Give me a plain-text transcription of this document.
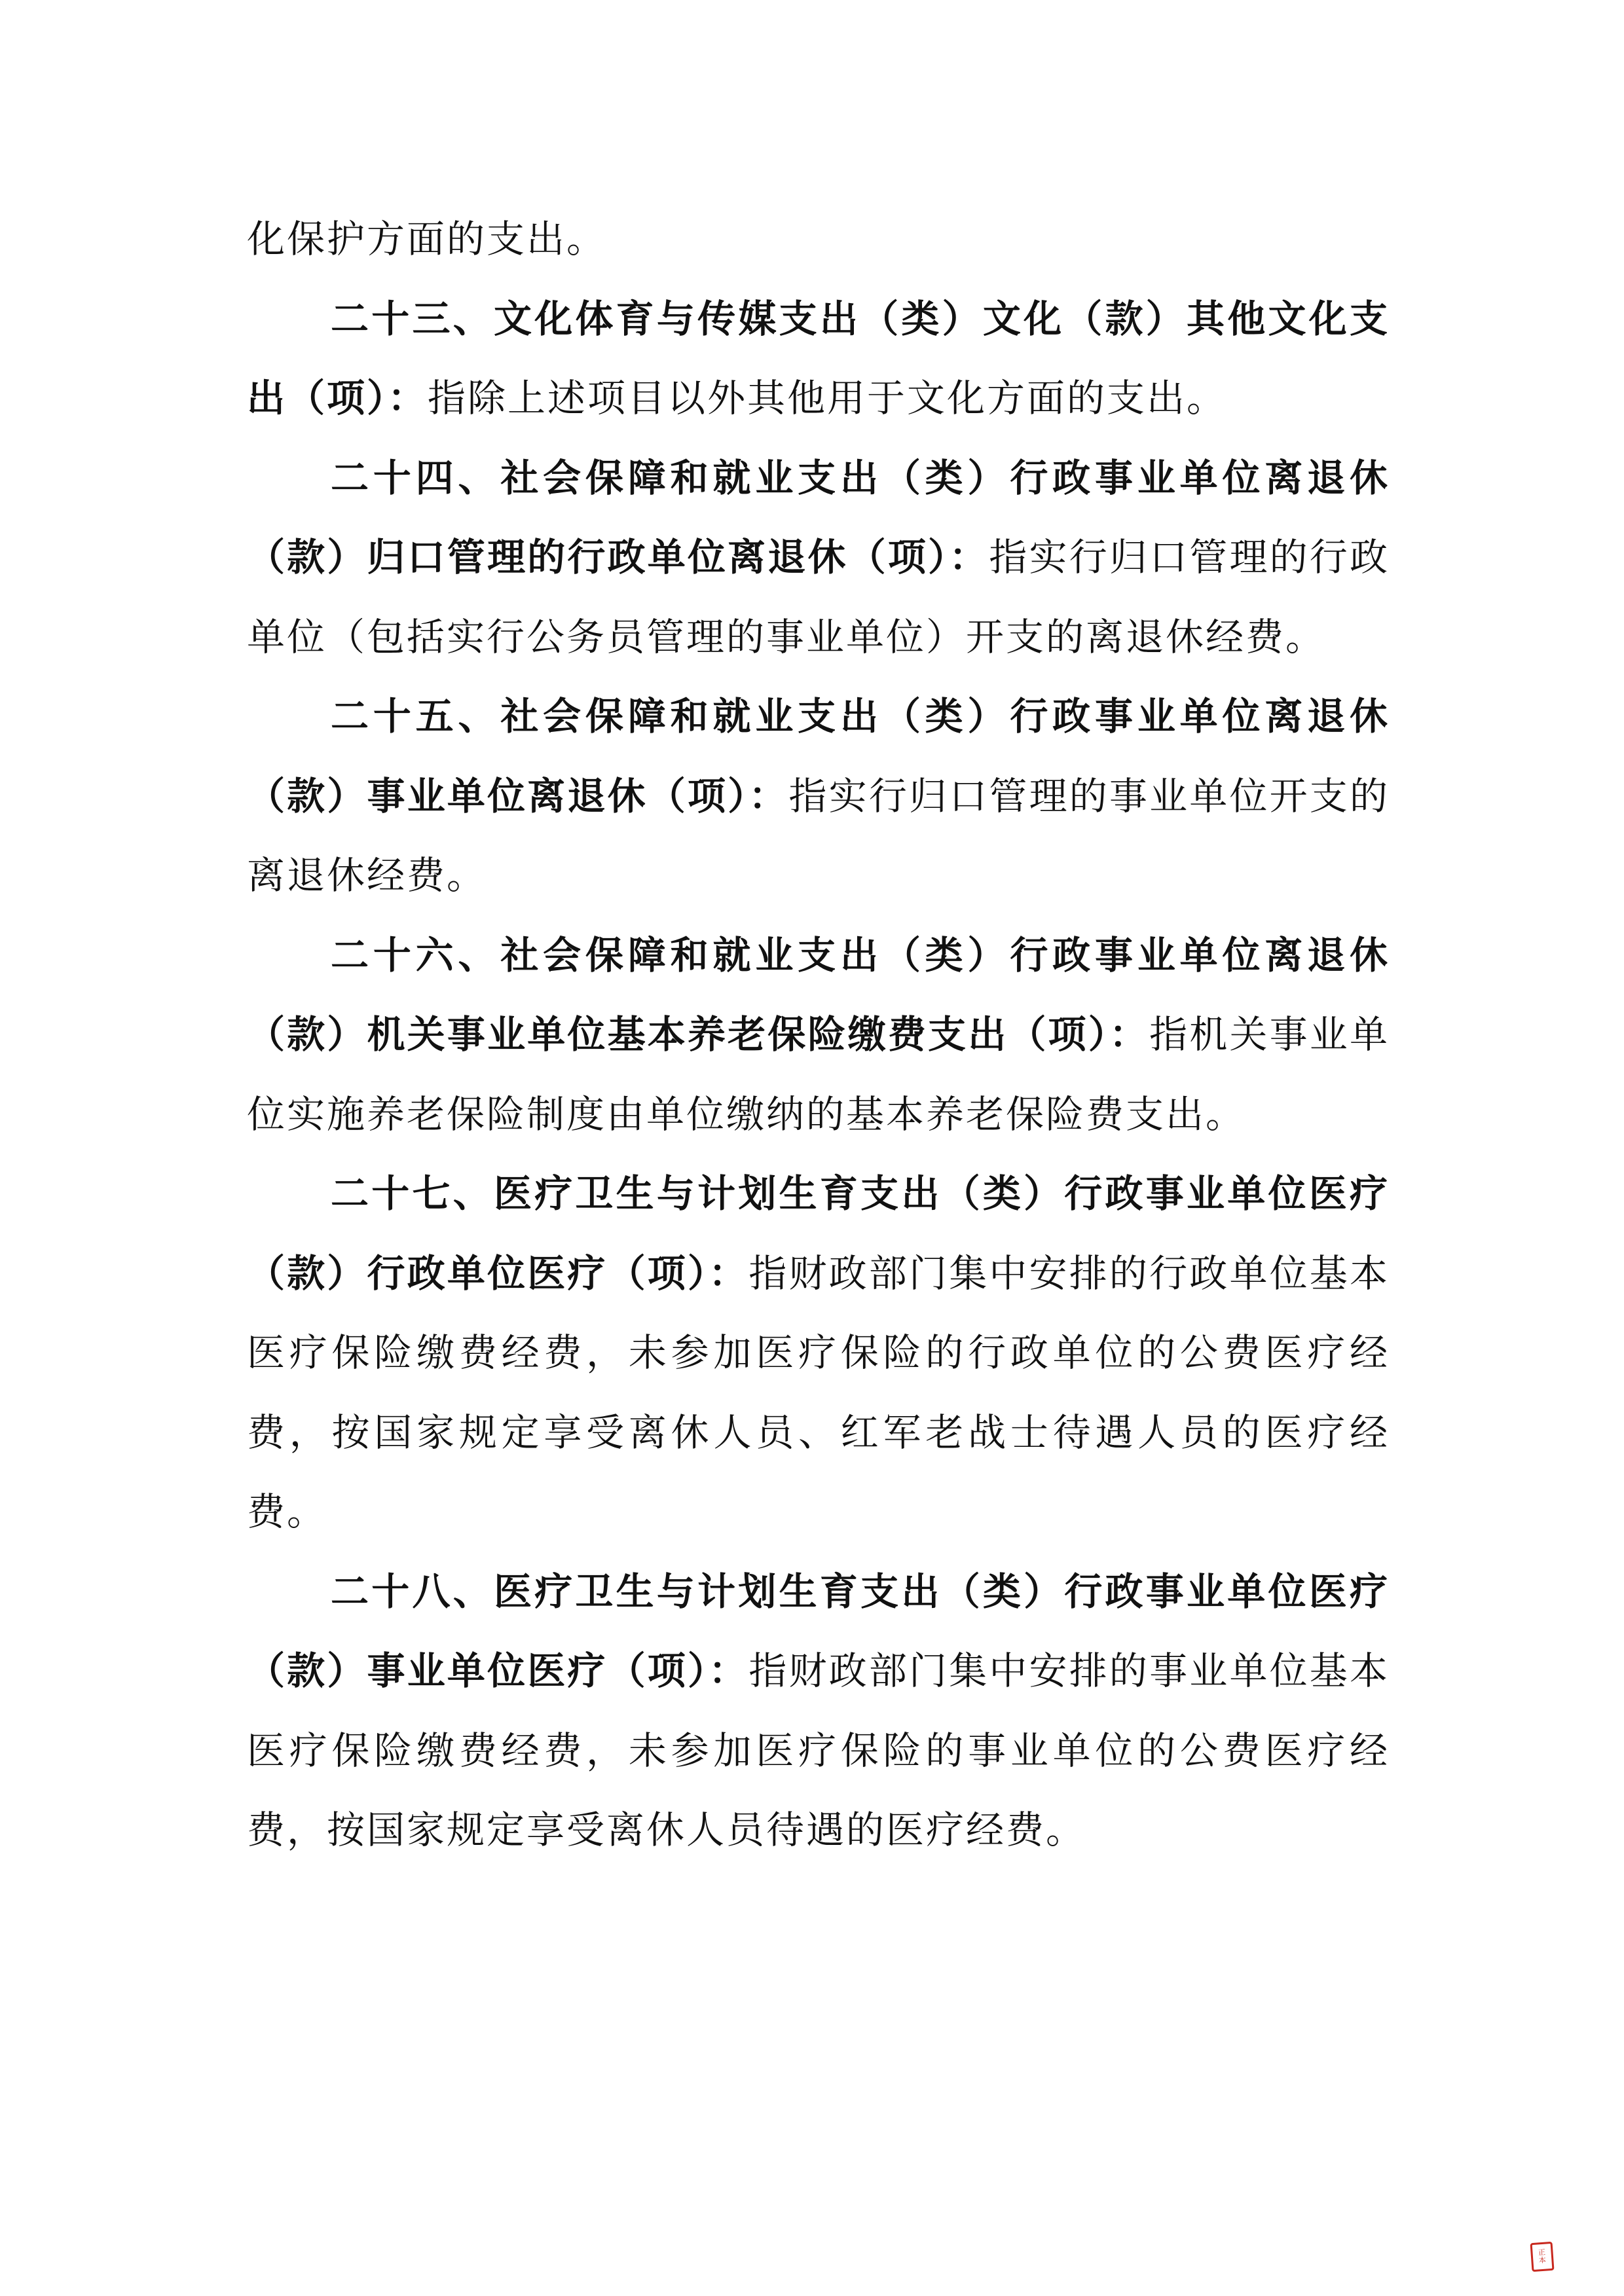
化保护方面的支出。

二十三、文化体育与传媒支出（类）文化（款）其他文化支出（项）：指除上述项目以外其他用于文化方面的支出。

二十四、社会保障和就业支出（类）行政事业单位离退休（款）归口管理的行政单位离退休（项）：指实行归口管理的行政单位（包括实行公务员管理的事业单位）开支的离退休经费。

二十五、社会保障和就业支出（类）行政事业单位离退休（款）事业单位离退休（项）：指实行归口管理的事业单位开支的离退休经费。

二十六、社会保障和就业支出（类）行政事业单位离退休（款）机关事业单位基本养老保险缴费支出（项）：指机关事业单位实施养老保险制度由单位缴纳的基本养老保险费支出。

二十七、医疗卫生与计划生育支出（类）行政事业单位医疗（款）行政单位医疗（项）：指财政部门集中安排的行政单位基本医疗保险缴费经费，未参加医疗保险的行政单位的公费医疗经费，按国家规定享受离休人员、红军老战士待遇人员的医疗经费。

二十八、医疗卫生与计划生育支出（类）行政事业单位医疗（款）事业单位医疗（项）：指财政部门集中安排的事业单位基本医疗保险缴费经费，未参加医疗保险的事业单位的公费医疗经费，按国家规定享受离休人员待遇的医疗经费。

正
本
